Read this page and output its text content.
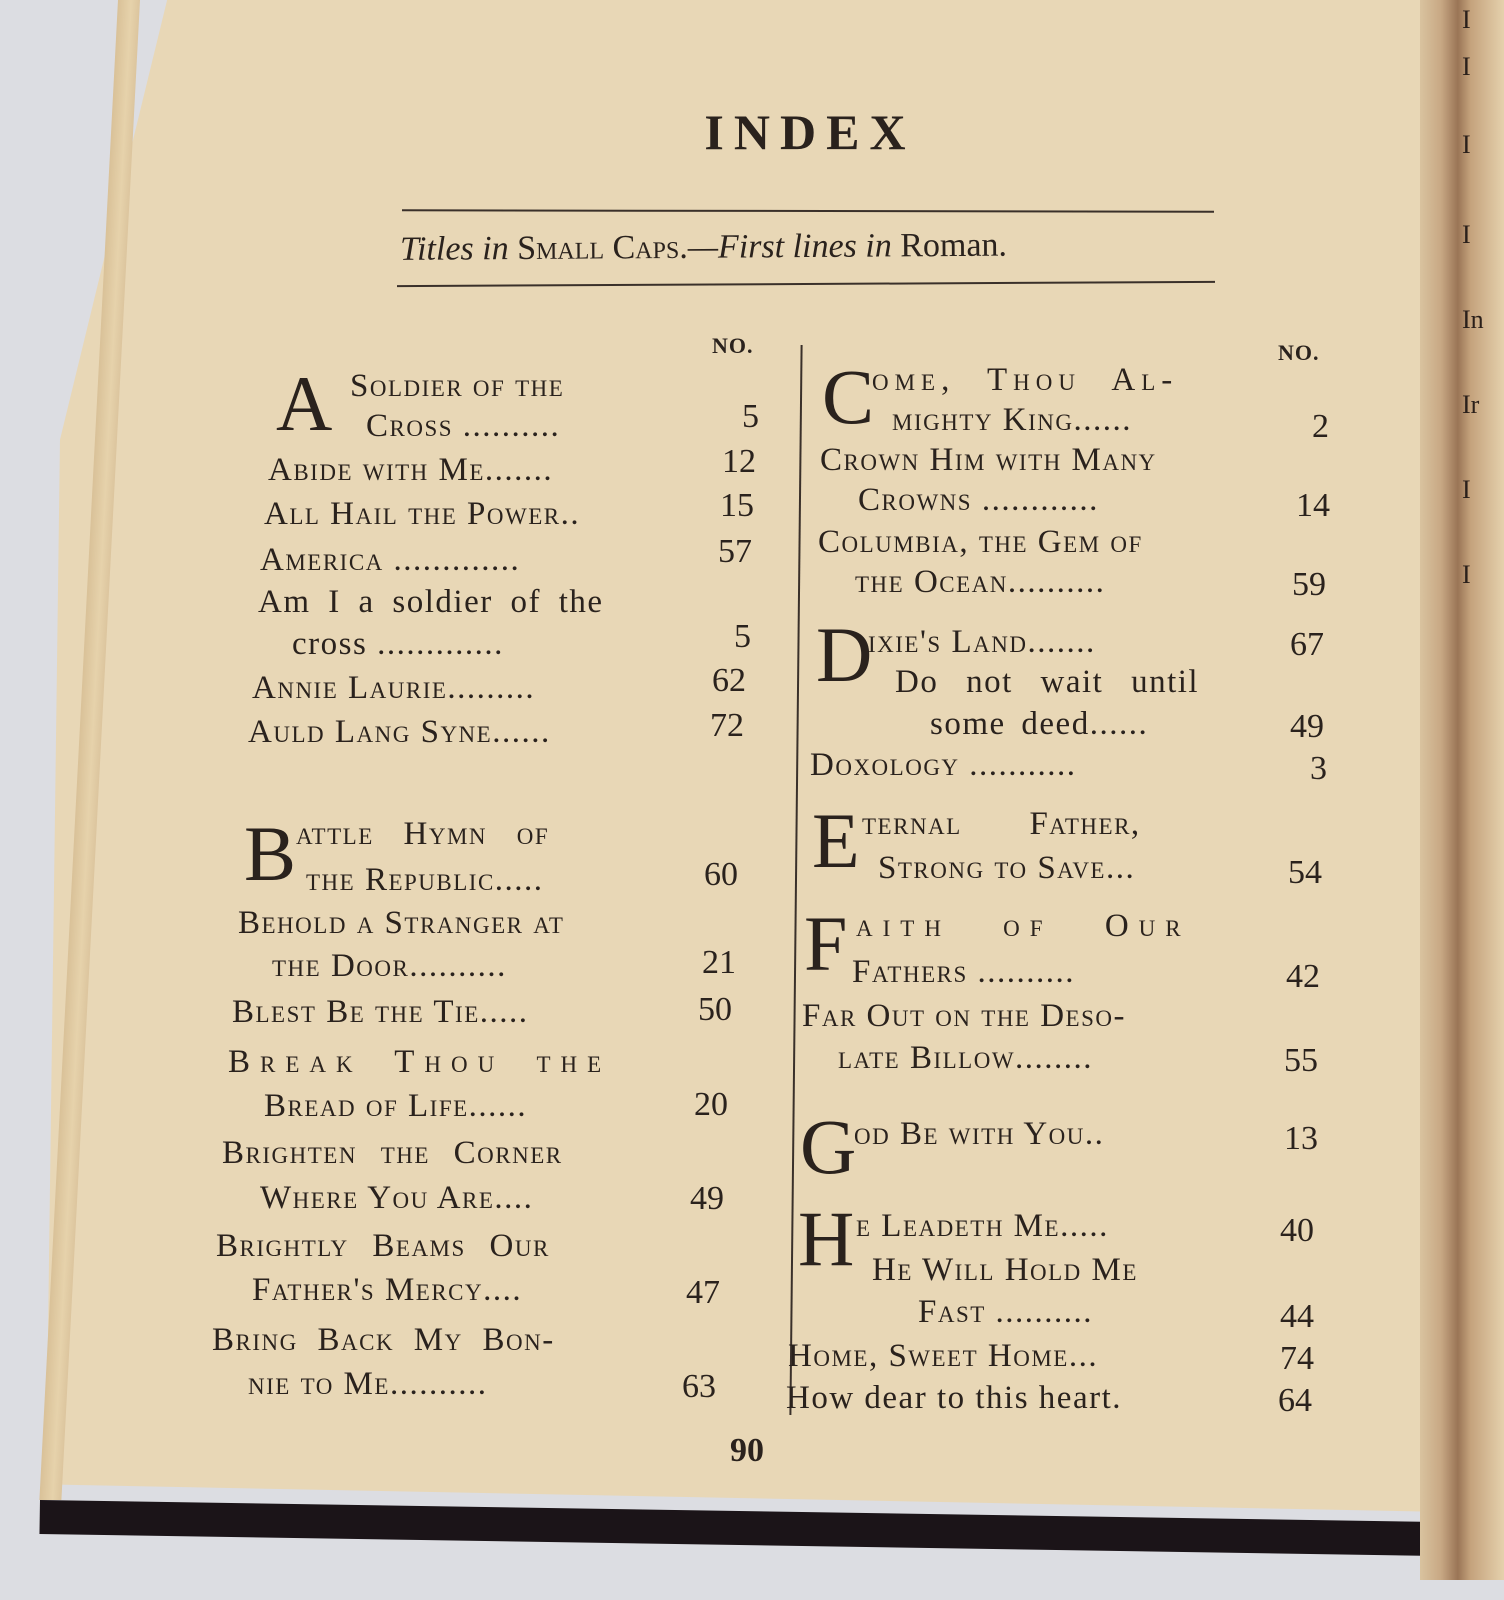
I
I
I
I
In
Ir
I
I
INDEX
Titles in Small Caps.—First lines in Roman.
NO.	NO.
A Soldier of the
Cross ..........	5
Abide with Me.......	12
All Hail the Power..	15
America .............	57
Am I a soldier of the
cross .............	5
Annie Laurie.........	62
Auld Lang Syne......	72
B attle Hymn of
the Republic.....	60
Behold a Stranger at
the Door..........	21
Blest Be the Tie.....	50
Break Thou the
Bread of Life......	20
Brighten the Corner
Where You Are....	49
Brightly Beams Our
Father's Mercy....	47
Bring Back My Bon-
nie to Me..........	63
C
ome, Thou Al-
mighty King......	2
Crown Him with Many
Crowns ............	14
Columbia, the Gem of
the Ocean..........	59
D
ixie's Land.......	67
Do not wait until
some deed......	49
Doxology ...........	3
E ternal Father,
Strong to Save...	54
F aith of Our
Fathers ..........	42
Far Out on the Deso-
late Billow........	55
G
od Be with You..	13
H e Leadeth Me.....	40
He Will Hold Me
Fast ..........	44
Home, Sweet Home...	74
How dear to this heart.	64
90
